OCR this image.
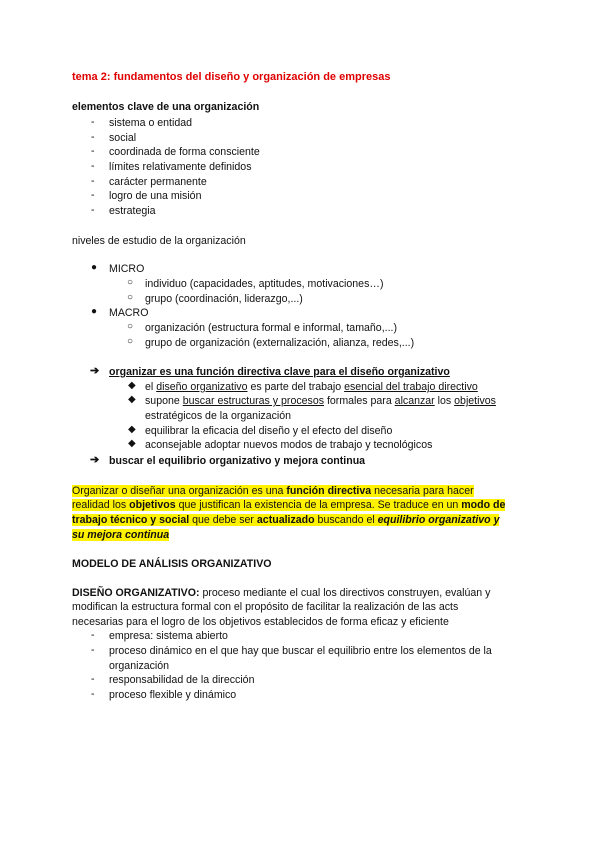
tema 2: fundamentos del diseño y organización de empresas
elementos clave de una organización
- sistema o entidad
- social
- coordinada de forma consciente
- límites relativamente definidos
- carácter permanente
- logro de una misión
- estrategia
niveles de estudio de la organización
● MICRO
○ individuo (capacidades, aptitudes, motivaciones…)
○ grupo (coordinación, liderazgo,...)
● MACRO
○ organización (estructura formal e informal, tamaño,...)
○ grupo de organización (externalización, alianza, redes,...)
➔ organizar es una función directiva clave para el diseño organizativo
◆ el diseño organizativo es parte del trabajo esencial del trabajo directivo
◆ supone buscar estructuras y procesos formales para alcanzar los objetivos
estratégicos de la organización
◆ equilibrar la eficacia del diseño y el efecto del diseño
◆ aconsejable adoptar nuevos modos de trabajo y tecnológicos
➔ buscar el equilibrio organizativo y mejora continua
Organizar o diseñar una organización es una función directiva necesaria para hacer
realidad los objetivos que justifican la existencia de la empresa. Se traduce en un modo de
trabajo técnico y social que debe ser actualizado buscando el equilibrio organizativo y
su mejora continua
MODELO DE ANÁLISIS ORGANIZATIVO
DISEÑO ORGANIZATIVO: proceso mediante el cual los directivos construyen, evalúan y
modifican la estructura formal con el propósito de facilitar la realización de las acts
necesarias para el logro de los objetivos establecidos de forma eficaz y eficiente
- empresa: sistema abierto
- proceso dinámico en el que hay que buscar el equilibrio entre los elementos de la
organización
- responsabilidad de la dirección
- proceso flexible y dinámico
